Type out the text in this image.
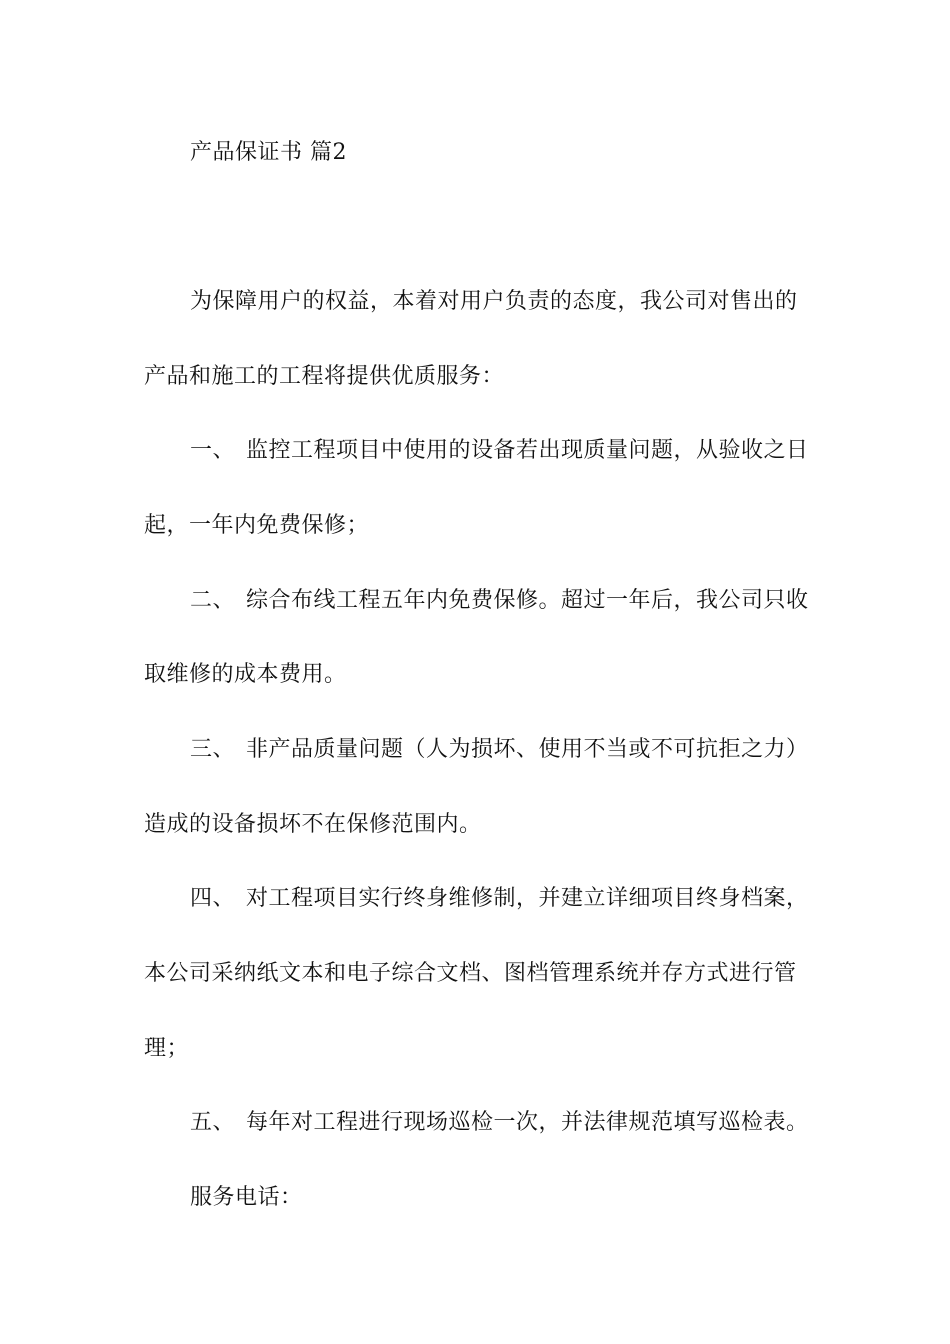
产品保证书 篇2
为保障用户的权益，本着对用户负责的态度，我公司对售出的
产品和施工的工程将提供优质服务：
一、 监控工程项目中使用的设备若出现质量问题，从验收之日
起，一年内免费保修；
二、 综合布线工程五年内免费保修。超过一年后，我公司只收
取维修的成本费用。
三、 非产品质量问题（人为损坏、使用不当或不可抗拒之力）
造成的设备损坏不在保修范围内。
四、 对工程项目实行终身维修制，并建立详细项目终身档案，
本公司采纳纸文本和电子综合文档、图档管理系统并存方式进行管
理；
五、 每年对工程进行现场巡检一次，并法律规范填写巡检表。
服务电话：
